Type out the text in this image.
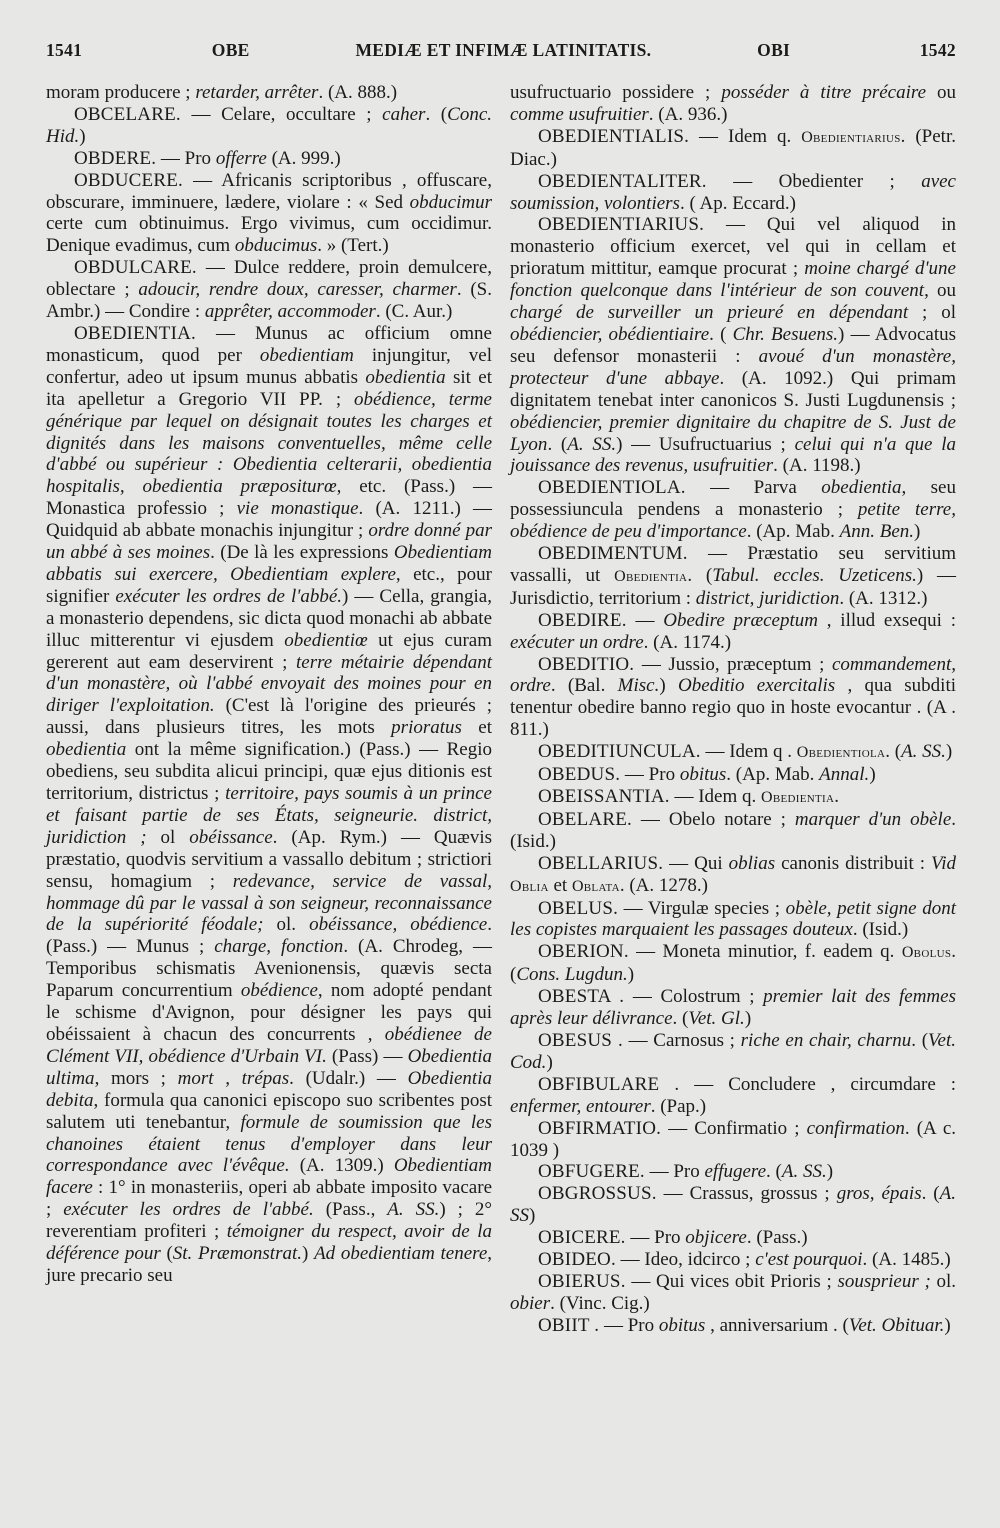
1541	OBE	MEDIÆ ET INFIMÆ LATINITATIS.	OBI	1542

moram producere ; retarder, arrêter. (A. 888.)

OBCELARE. — Celare, occultare ; caher. (Conc. Hid.)

OBDERE. — Pro offerre (A. 999.)

OBDUCERE. — Africanis scriptoribus , offuscare, obscurare, imminuere, lædere, violare : « Sed obducimur certe cum obtinuimus. Ergo vivimus, cum occidimur. Denique evadimus, cum obducimus. » (Tert.)

OBDULCARE. — Dulce reddere, proin demulcere, oblectare ; adoucir, rendre doux, caresser, charmer. (S. Ambr.) — Condire : apprêter, accommoder. (C. Aur.)

OBEDIENTIA. — Munus ac officium omne monasticum, quod per obedientiam injungitur, vel confertur, adeo ut ipsum munus abbatis obedientia sit et ita apelletur a Gregorio VII PP. ; obédience, terme générique par lequel on désignait toutes les charges et dignités dans les maisons conventuelles, même celle d'abbé ou supérieur : Obedientia celterarii, obedientia hospitalis, obedientia præpositurœ, etc. (Pass.) — Monastica professio ; vie monastique. (A. 1211.) — Quidquid ab abbate monachis injungitur ; ordre donné par un abbé à ses moines. (De là les expressions Obedientiam abbatis sui exercere, Obedientiam explere, etc., pour signifier exécuter les ordres de l'abbé.) — Cella, grangia, a monasterio dependens, sic dicta quod monachi ab abbate illuc mitterentur vi ejusdem obedientiœ ut ejus curam gererent aut eam deservirent ; terre métairie dépendant d'un monastère, où l'abbé envoyait des moines pour en diriger l'exploitation. (C'est là l'origine des prieurés ; aussi, dans plusieurs titres, les mots prioratus et obedientia ont la même signification.) (Pass.) — Regio obediens, seu subdita alicui principi, quæ ejus ditionis est territorium, districtus ; territoire, pays soumis à un prince et faisant partie de ses États, seigneurie. district, juridiction ; ol obéissance. (Ap. Rym.) — Quævis præstatio, quodvis servitium a vassallo debitum ; strictiori sensu, homagium ; redevance, service de vassal, hommage dû par le vassal à son seigneur, reconnaissance de la supériorité féodale; ol. obéissance, obédience. (Pass.) — Munus ; charge, fonction. (A. Chrodeg, — Temporibus schismatis Avenionensis, quævis secta Paparum concurrentium obédience, nom adopté pendant le schisme d'Avignon, pour désigner les pays qui obéissaient à chacun des concurrents , obédienee de Clément VII, obédience d'Urbain VI. (Pass) — Obedientia ultima, mors ; mort , trépas. (Udalr.) — Obedientia debita, formula qua canonici episcopo suo scribentes post salutem uti tenebantur, formule de soumission que les chanoines étaient tenus d'employer dans leur correspondance avec l'évêque. (A. 1309.) Obedientiam facere : 1° in monasteriis, operi ab abbate imposito vacare ; exécuter les ordres de l'abbé. (Pass., A. SS.) ; 2° reverentiam profiteri ; témoigner du respect, avoir de la déférence pour (St. Præmonstrat.) Ad obedientiam tenere, jure precario seu

usufructuario possidere ; posséder à titre précaire ou comme usufruitier. (A. 936.)

OBEDIENTIALIS. — Idem q. Obedientiarius. (Petr. Diac.)

OBEDIENTALITER. — Obedienter ; avec soumission, volontiers. ( Ap. Eccard.)

OBEDIENTIARIUS. — Qui vel aliquod in monasterio officium exercet, vel qui in cellam et prioratum mittitur, eamque procurat ; moine chargé d'une fonction quelconque dans l'intérieur de son couvent, ou chargé de surveiller un prieuré en dépendant ; ol obédiencier, obédientiaire. ( Chr. Besuens.) — Advocatus seu defensor monasterii : avoué d'un monastère, protecteur d'une abbaye. (A. 1092.) Qui primam dignitatem tenebat inter canonicos S. Justi Lugdunensis ; obédiencier, premier dignitaire du chapitre de S. Just de Lyon. (A. SS.) — Usufructuarius ; celui qui n'a que la jouissance des revenus, usufruitier. (A. 1198.)

OBEDIENTIOLA. — Parva obedientia, seu possessiuncula pendens a monasterio ; petite terre, obédience de peu d'importance. (Ap. Mab. Ann. Ben.)

OBEDIMENTUM. — Præstatio seu servitium vassalli, ut Obedientia. (Tabul. eccles. Uzeticens.) — Jurisdictio, territorium : district, juridiction. (A. 1312.)

OBEDIRE. — Obedire præceptum , illud exsequi : exécuter un ordre. (A. 1174.)

OBEDITIO. — Jussio, præceptum ; commandement, ordre. (Bal. Misc.) Obeditio exercitalis , qua subditi tenentur obedire banno regio quo in hoste evocantur . (A . 811.)

OBEDITIUNCULA. — Idem q . Obedientiola. (A. SS.)

OBEDUS. — Pro obitus. (Ap. Mab. Annal.)

OBEISSANTIA. — Idem q. Obedientia.

OBELARE. — Obelo notare ; marquer d'un obèle. (Isid.)

OBELLARIUS. — Qui oblias canonis distribuit : Vid Oblia et Oblata. (A. 1278.)

OBELUS. — Virgulæ species ; obèle, petit signe dont les copistes marquaient les passages douteux. (Isid.)

OBERION. — Moneta minutior, f. eadem q. Obolus. (Cons. Lugdun.)

OBESTA . — Colostrum ; premier lait des femmes après leur délivrance. (Vet. Gl.)

OBESUS . — Carnosus ; riche en chair, charnu. (Vet. Cod.)

OBFIBULARE . — Concludere , circumdare : enfermer, entourer. (Pap.)

OBFIRMATIO. — Confirmatio ; confirmation. (A c. 1039 )

OBFUGERE. — Pro effugere. (A. SS.)

OBGROSSUS. — Crassus, grossus ; gros, épais. (A. SS)

OBICERE. — Pro objicere. (Pass.)

OBIDEO. — Ideo, idcirco ; c'est pourquoi. (A. 1485.)

OBIERUS. — Qui vices obit Prioris ; sousprieur ; ol. obier. (Vinc. Cig.)

OBIIT . — Pro obitus , anniversarium . (Vet. Obituar.)
